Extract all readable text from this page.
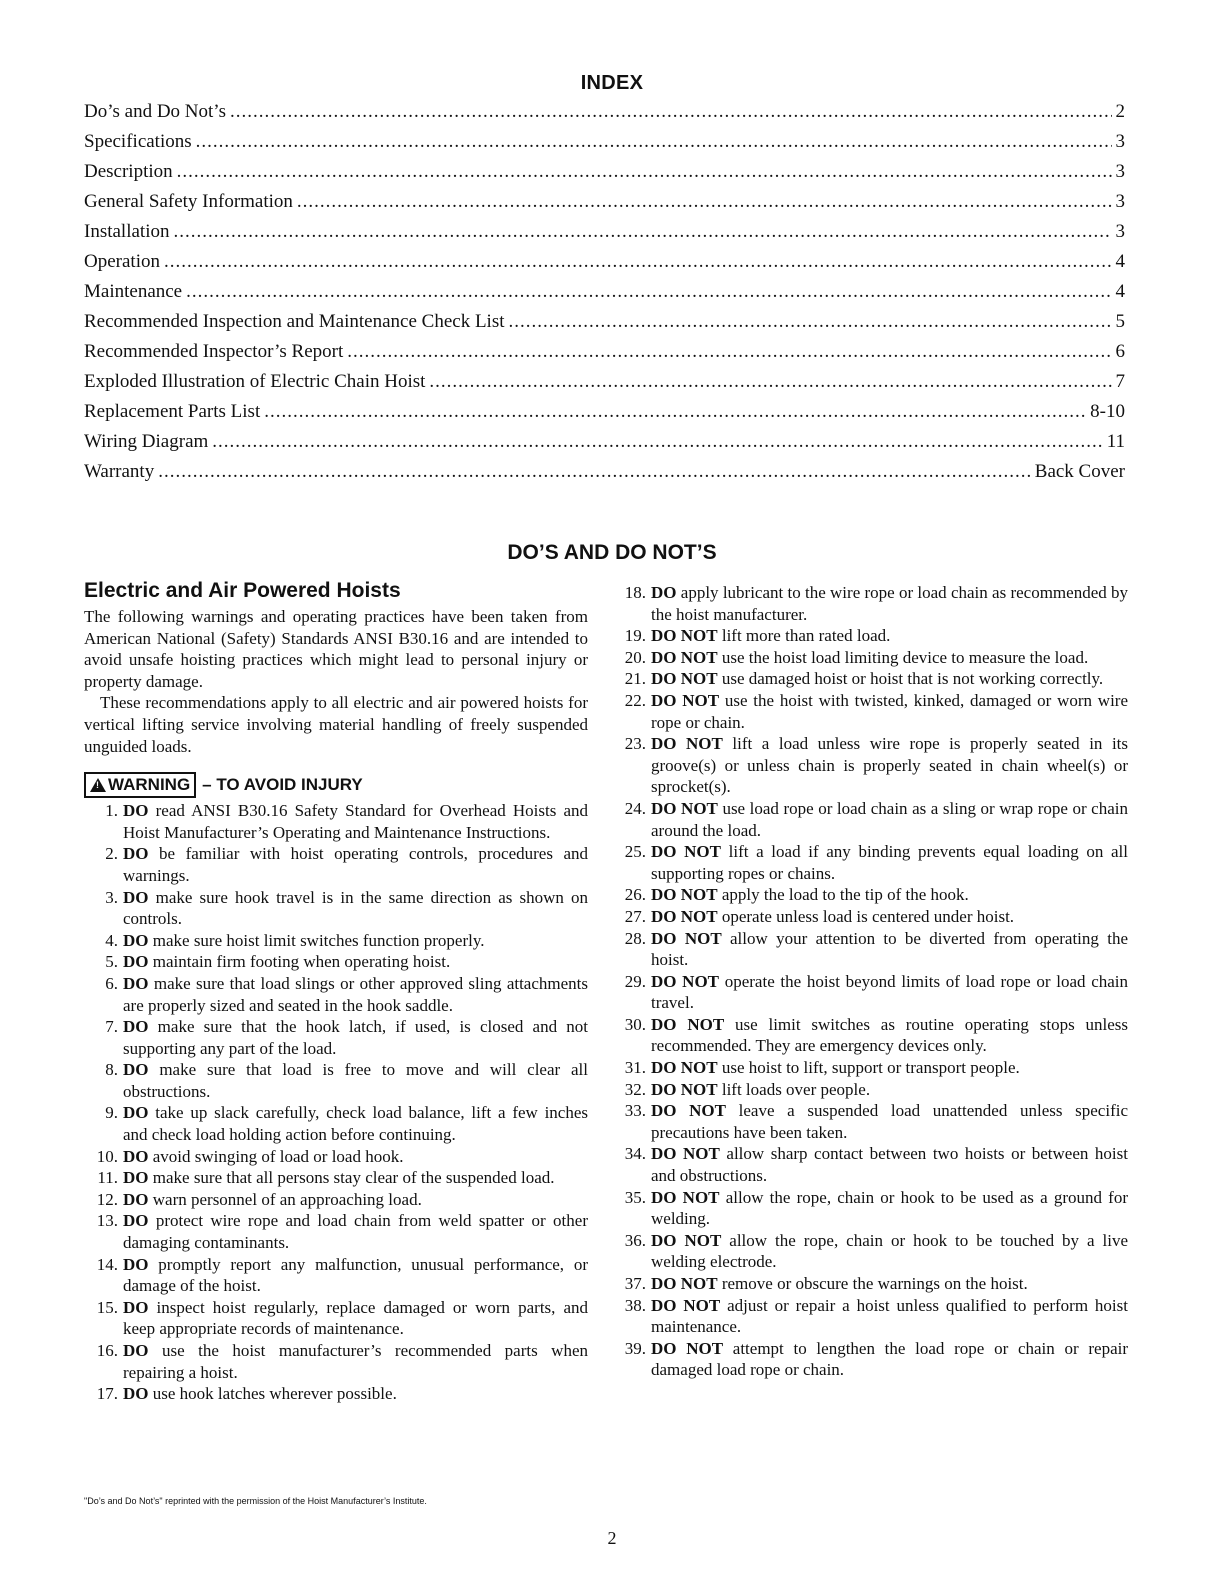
INDEX
Do’s and Do Not’s .....	2
Specifications .....	3
Description .....	3
General Safety Information .....	3
Installation .....	3
Operation .....	4
Maintenance .....	4
Recommended Inspection and Maintenance Check List .....	5
Recommended Inspector’s Report .....	6
Exploded Illustration of Electric Chain Hoist .....	7
Replacement Parts List .....	8-10
Wiring Diagram .....	11
Warranty .....	Back Cover
DO’S AND DO NOT’S
Electric and Air Powered Hoists

The following warnings and operating practices have been taken from American National (Safety) Standards ANSI B30.16 and are intended to avoid unsafe hoisting practices which might lead to personal injury or property damage.

These recommendations apply to all electric and air powered hoists for vertical lifting service involving material handling of freely suspended unguided loads.

!
WARNING – TO AVOID INJURY
1. DO read ANSI B30.16 Safety Standard for Overhead Hoists and Hoist Manufacturer’s Operating and Maintenance Instructions.
2. DO be familiar with hoist operating controls, procedures and warnings.
3. DO make sure hook travel is in the same direction as shown on controls.
4. DO make sure hoist limit switches function properly.
5. DO maintain firm footing when operating hoist.
6. DO make sure that load slings or other approved sling attachments are properly sized and seated in the hook saddle.
7. DO make sure that the hook latch, if used, is closed and not supporting any part of the load.
8. DO make sure that load is free to move and will clear all obstructions.
9. DO take up slack carefully, check load balance, lift a few inches and check load holding action before continuing.
10. DO avoid swinging of load or load hook.
11. DO make sure that all persons stay clear of the suspended load.
12. DO warn personnel of an approaching load.
13. DO protect wire rope and load chain from weld spatter or other damaging contaminants.
14. DO promptly report any malfunction, unusual performance, or damage of the hoist.
15. DO inspect hoist regularly, replace damaged or worn parts, and keep appropriate records of maintenance.
16. DO use the hoist manufacturer’s recommended parts when repairing a hoist.
17. DO use hook latches wherever possible.
18. DO apply lubricant to the wire rope or load chain as recommended by the hoist manufacturer.
19. DO NOT lift more than rated load.
20. DO NOT use the hoist load limiting device to measure the load.
21. DO NOT use damaged hoist or hoist that is not working correctly.
22. DO NOT use the hoist with twisted, kinked, damaged or worn wire rope or chain.
23. DO NOT lift a load unless wire rope is properly seated in its groove(s) or unless chain is properly seated in chain wheel(s) or sprocket(s).
24. DO NOT use load rope or load chain as a sling or wrap rope or chain around the load.
25. DO NOT lift a load if any binding prevents equal loading on all supporting ropes or chains.
26. DO NOT apply the load to the tip of the hook.
27. DO NOT operate unless load is centered under hoist.
28. DO NOT allow your attention to be diverted from operating the hoist.
29. DO NOT operate the hoist beyond limits of load rope or load chain travel.
30. DO NOT use limit switches as routine operating stops unless recommended. They are emergency devices only.
31. DO NOT use hoist to lift, support or transport people.
32. DO NOT lift loads over people.
33. DO NOT leave a suspended load unattended unless specific precautions have been taken.
34. DO NOT allow sharp contact between two hoists or between hoist and obstructions.
35. DO NOT allow the rope, chain or hook to be used as a ground for welding.
36. DO NOT allow the rope, chain or hook to be touched by a live welding electrode.
37. DO NOT remove or obscure the warnings on the hoist.
38. DO NOT adjust or repair a hoist unless qualified to perform hoist maintenance.
39. DO NOT attempt to lengthen the load rope or chain or repair damaged load rope or chain.
"Do’s and Do Not’s" reprinted with the permission of the Hoist Manufacturer’s Institute.
2
